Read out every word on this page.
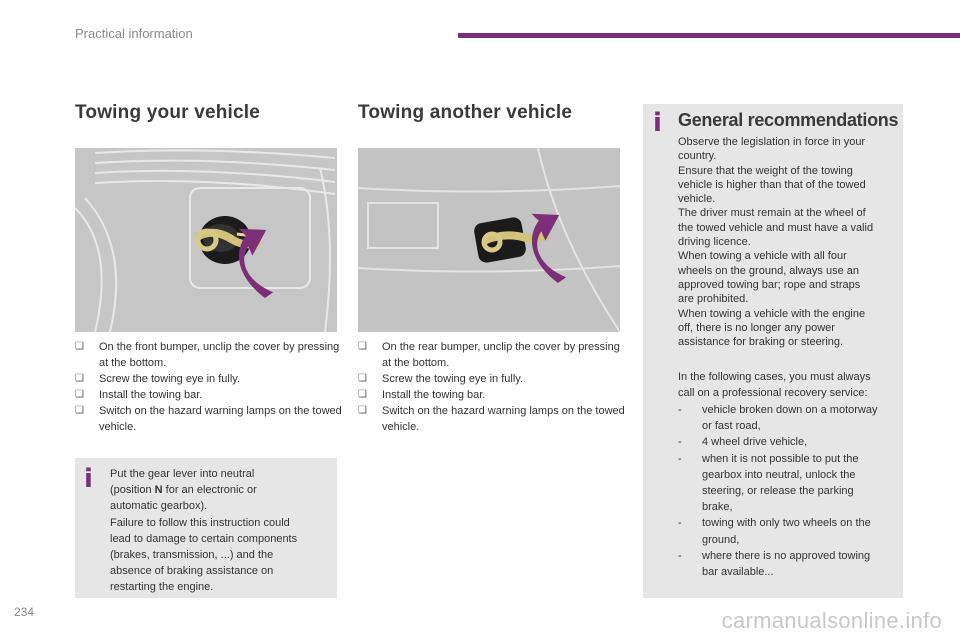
Practical information
Towing your vehicle
❏ On the front bumper, unclip the cover by pressing at the bottom.
❏ Screw the towing eye in fully.
❏ Install the towing bar.
❏ Switch on the hazard warning lamps on the towed vehicle.
i Put the gear lever into neutral
(position N for an electronic or
automatic gearbox).
Failure to follow this instruction could
lead to damage to certain components
(brakes, transmission, ...) and the
absence of braking assistance on
restarting the engine.
Towing another vehicle
❏ On the rear bumper, unclip the cover by pressing at the bottom.
❏ Screw the towing eye in fully.
❏ Install the towing bar.
❏ Switch on the hazard warning lamps on the towed vehicle.
i General recommendations
Observe the legislation in force in your
country.
Ensure that the weight of the towing
vehicle is higher than that of the towed
vehicle.
The driver must remain at the wheel of
the towed vehicle and must have a valid
driving licence.
When towing a vehicle with all four
wheels on the ground, always use an
approved towing bar; rope and straps
are prohibited.
When towing a vehicle with the engine
off, there is no longer any power
assistance for braking or steering.
In the following cases, you must always
call on a professional recovery service:
- vehicle broken down on a motorway
or fast road,
- 4 wheel drive vehicle,
- when it is not possible to put the
gearbox into neutral, unlock the
steering, or release the parking
brake,
- towing with only two wheels on the
ground,
- where there is no approved towing
bar available...
234	carmanualsonline.info
